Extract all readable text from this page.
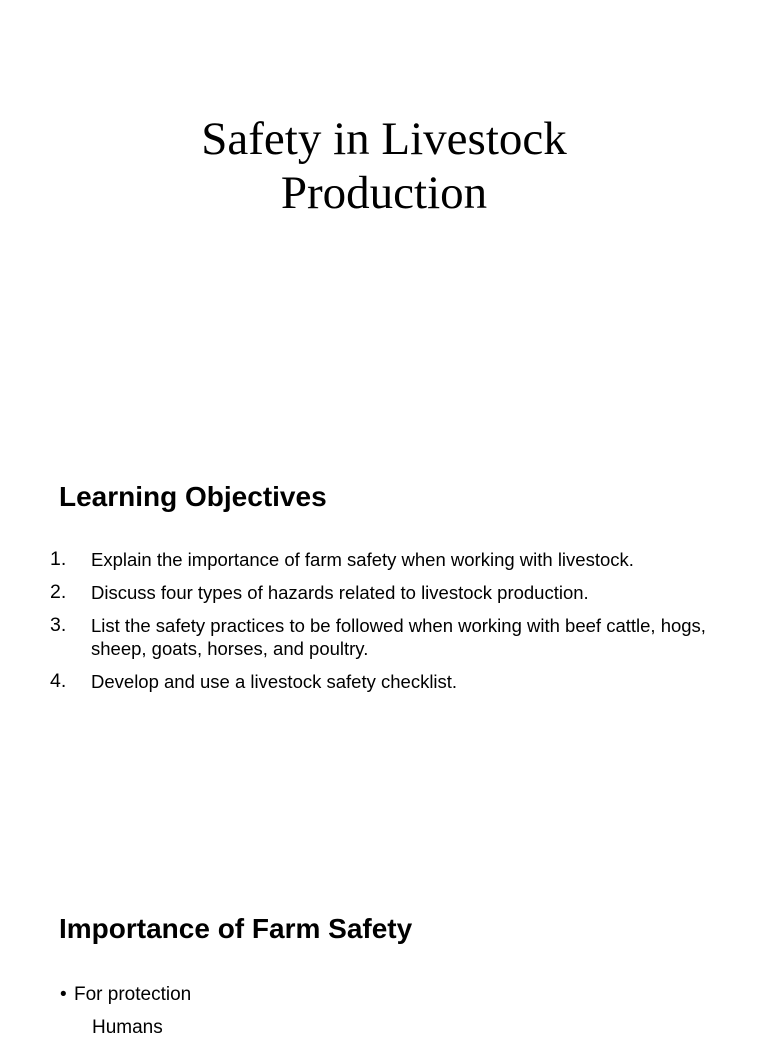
Safety in Livestock
Production
Learning Objectives
1.	Explain the importance of farm safety when working with livestock.
2.	Discuss four types of hazards related to livestock production.
3.	List the safety practices to be followed when working with beef cattle, hogs, sheep, goats, horses, and poultry.
4.	Develop and use a livestock safety checklist.
Importance of Farm Safety
• For protection
Humans
